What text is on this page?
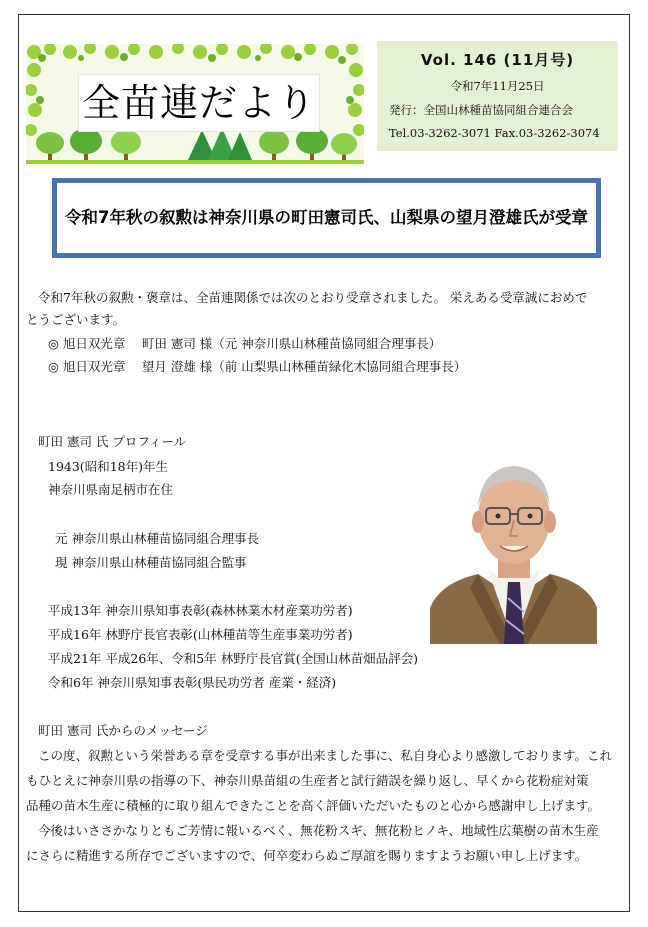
全苗連だより
Vol. 146 (11月号)
令和7年11月25日
発行：全国山林種苗協同組合連合会
Tel.03-3262-3071 Fax.03-3262-3074
令和7年秋の叙勲は神奈川県の町田憲司氏、山梨県の望月澄雄氏が受章
令和7年秋の叙勲・褒章は、全苗連関係では次のとおり受章されました。 栄えある受章誠におめで
とうございます。
◎ 旭日双光章　 町田 憲司 様（元 神奈川県山林種苗協同組合理事長）
◎ 旭日双光章　 望月 澄雄 様（前 山梨県山林種苗緑化木協同組合理事長）
町田 憲司 氏 プロフィール
1943(昭和18年)年生
神奈川県南足柄市在住
元 神奈川県山林種苗協同組合理事長
現 神奈川県山林種苗協同組合監事
平成13年 神奈川県知事表彰(森林林業木材産業功労者)
平成16年 林野庁長官表彰(山林種苗等生産事業功労者)
平成21年 平成26年、令和5年 林野庁長官賞(全国山林苗畑品評会)
令和6年 神奈川県知事表彰(県民功労者 産業・経済)
町田 憲司 氏からのメッセージ
この度、叙勲という栄誉ある章を受章する事が出来ました事に、私自身心より感激しております。これ
もひとえに神奈川県の指導の下、神奈川県苗組の生産者と試行錯誤を繰り返し、早くから花粉症対策
品種の苗木生産に積極的に取り組んできたことを高く評価いただいたものと心から感謝申し上げます。
今後はいささかなりともご芳情に報いるべく、無花粉スギ、無花粉ヒノキ、地域性広葉樹の苗木生産
にさらに精進する所存でございますので、何卒変わらぬご厚誼を賜りますようお願い申し上げます。
